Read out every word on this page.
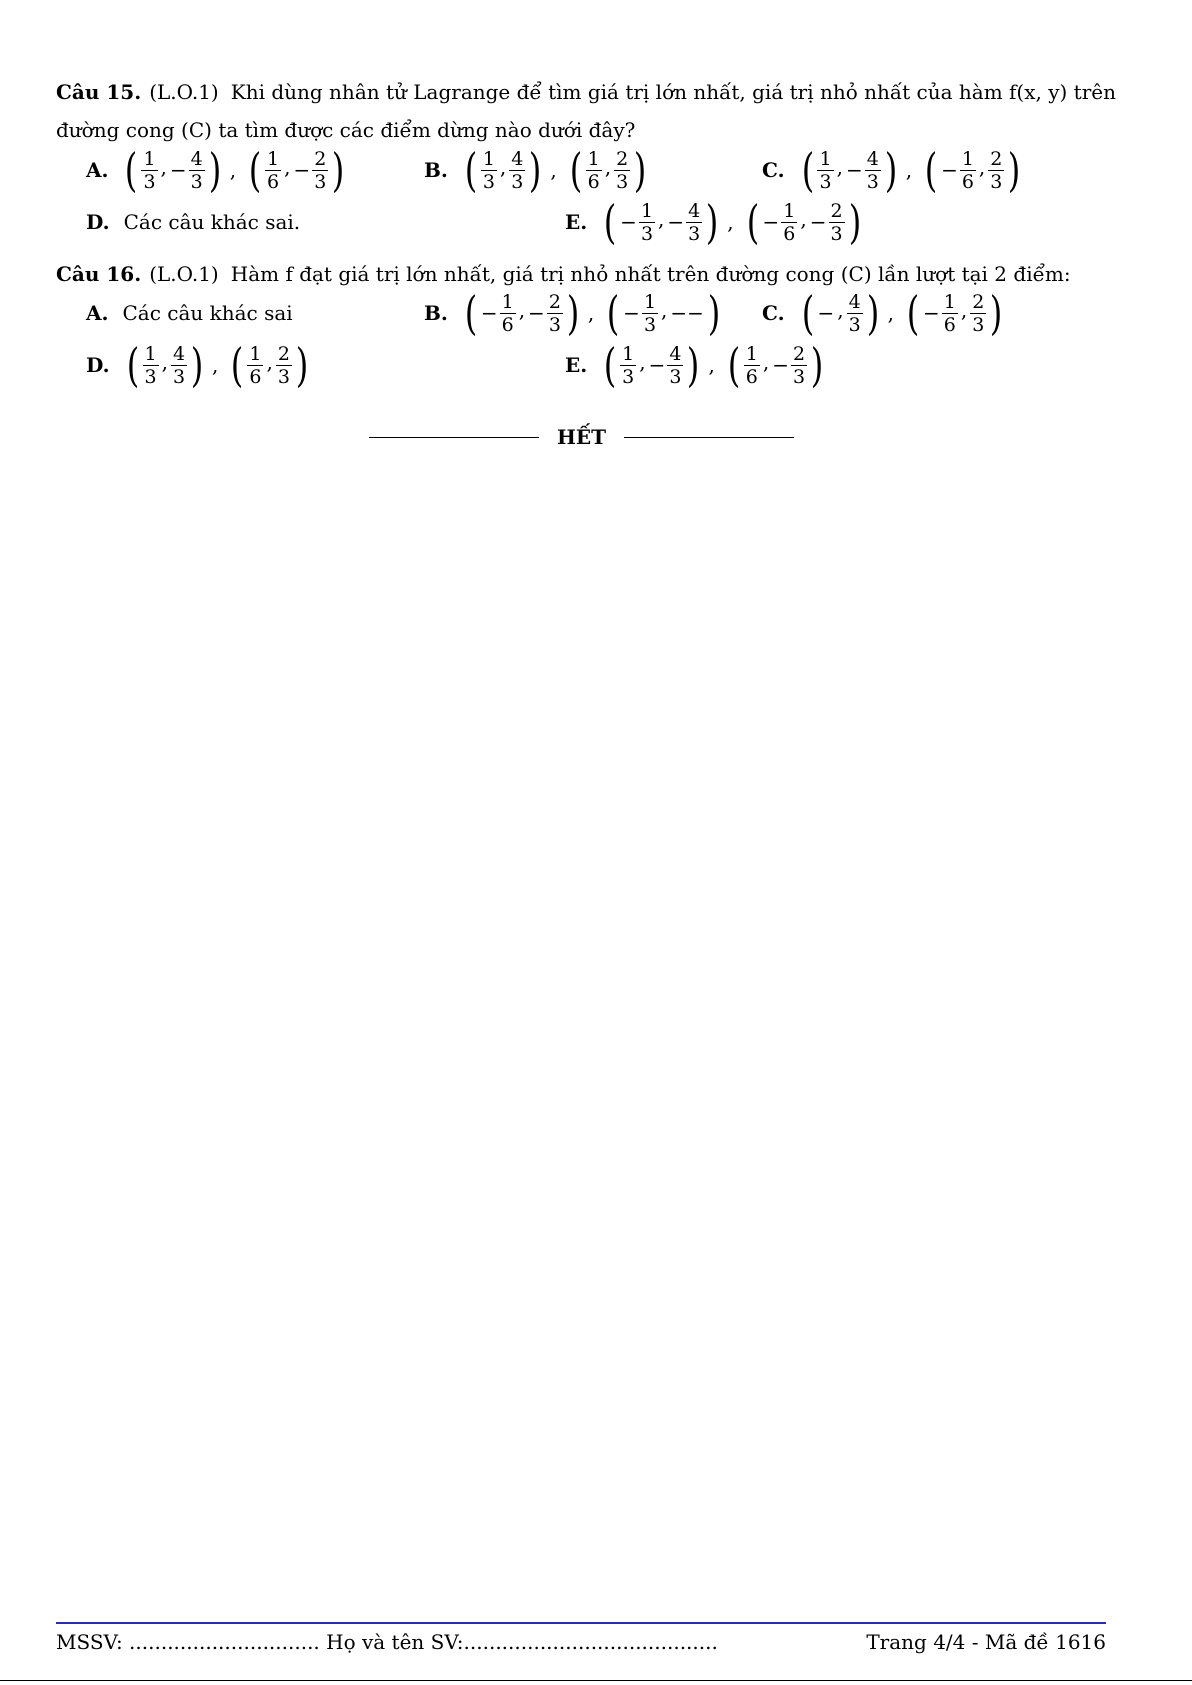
Câu 15. (L.O.1) Khi dùng nhân tử Lagrange để tìm giá trị lớn nhất, giá trị nhỏ nhất của hàm f(x, y) trên
đường cong (C) ta tìm được các điểm dừng nào dưới đây?
A. ( $\frac{1}{3}$ , − $\frac{4}{3}$ ) , ( $\frac{1}{6}$ , − $\frac{2}{3}$ )	B. ( $\frac{1}{3}$ , $\frac{4}{3}$ ) , ( $\frac{1}{6}$ , $\frac{2}{3}$ )	C. ( $\frac{1}{3}$ , − $\frac{4}{3}$ ) , ( − $\frac{1}{6}$ , $\frac{2}{3}$ )
D. Các câu khác sai.	E. ( − $\frac{1}{3}$ , − $\frac{4}{3}$ ) , ( − $\frac{1}{6}$ , − $\frac{2}{3}$ )
Câu 16. (L.O.1) Hàm f đạt giá trị lớn nhất, giá trị nhỏ nhất trên đường cong (C) lần lượt tại 2 điểm:
A. Các câu khác sai	B. ( − $\frac{1}{6}$ , − $\frac{2}{3}$ ) , ( − $\frac{1}{3}$ , −− ) C. ( − , $\frac{4}{3}$ ) , ( − $\frac{1}{6}$ , $\frac{2}{3}$ )
D. ( $\frac{1}{3}$ , $\frac{4}{3}$ ) , ( $\frac{1}{6}$ , $\frac{2}{3}$ )	E. ( $\frac{1}{3}$ , − $\frac{4}{3}$ ) , ( $\frac{1}{6}$ , − $\frac{2}{3}$ )
HẾT
MSSV: .............................. Họ và tên SV:........................................	Trang 4/4 - Mã đề 1616
